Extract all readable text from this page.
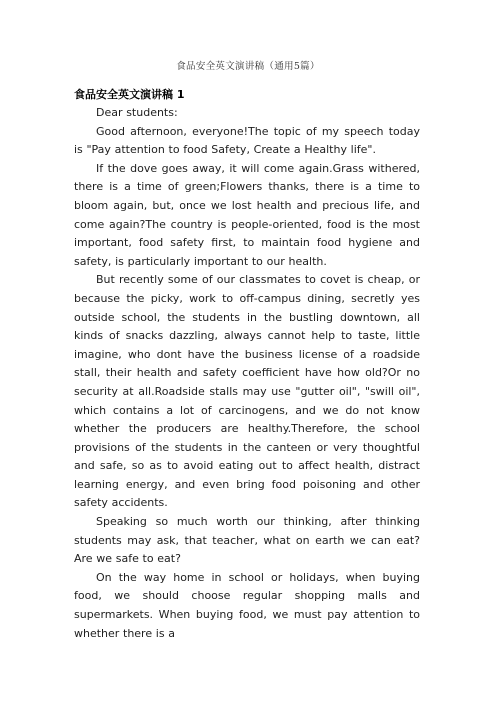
食品安全英文演讲稿（通用5篇）
食品安全英文演讲稿 1

Dear students:

Good afternoon, everyone!The topic of my speech today is "Pay attention to food Safety, Create a Healthy life".

If the dove goes away, it will come again.Grass withered, there is a time of green;Flowers thanks, there is a time to bloom again, but, once we lost health and precious life, and come again?The country is people-oriented, food is the most important, food safety first, to maintain food hygiene and safety, is particularly important to our health.

But recently some of our classmates to covet is cheap, or because the picky, work to off-campus dining, secretly yes outside school, the students in the bustling downtown, all kinds of snacks dazzling, always cannot help to taste, little imagine, who dont have the business license of a roadside stall, their health and safety coefficient have how old?Or no security at all.Roadside stalls may use "gutter oil", "swill oil", which contains a lot of carcinogens, and we do not know whether the producers are healthy.Therefore, the school provisions of the students in the canteen or very thoughtful and safe, so as to avoid eating out to affect health, distract learning energy, and even bring food poisoning and other safety accidents.

Speaking so much worth our thinking, after thinking students may ask, that teacher, what on earth we can eat?Are we safe to eat?

On the way home in school or holidays, when buying food, we should choose regular shopping malls and supermarkets. When buying food, we must pay attention to whether there is a
